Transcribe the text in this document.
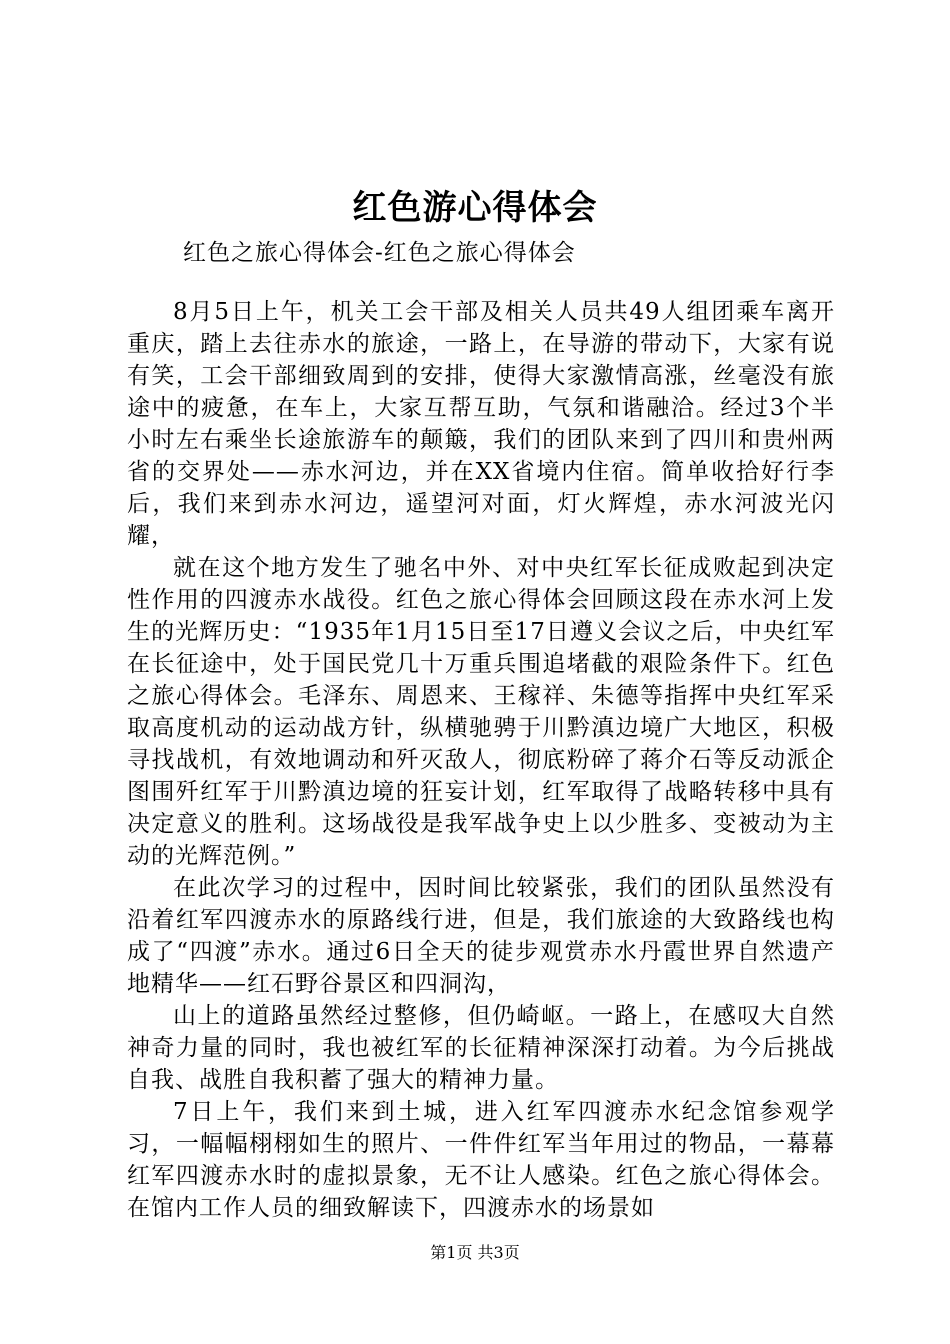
红色游心得体会
红色之旅心得体会-红色之旅心得体会

8月5日上午，机关工会干部及相关人员共49人组团乘车离开重庆，踏上去往赤水的旅途，一路上，在导游的带动下，大家有说有笑，工会干部细致周到的安排，使得大家激情高涨，丝毫没有旅途中的疲惫，在车上，大家互帮互助，气氛和谐融洽。经过3个半小时左右乘坐长途旅游车的颠簸，我们的团队来到了四川和贵州两省的交界处——赤水河边，并在XX省境内住宿。简单收拾好行李后，我们来到赤水河边，遥望河对面，灯火辉煌，赤水河波光闪耀，

就在这个地方发生了驰名中外、对中央红军长征成败起到决定性作用的四渡赤水战役。红色之旅心得体会回顾这段在赤水河上发生的光辉历史：“1935年1月15日至17日遵义会议之后，中央红军在长征途中，处于国民党几十万重兵围追堵截的艰险条件下。红色之旅心得体会。毛泽东、周恩来、王稼祥、朱德等指挥中央红军采取高度机动的运动战方针，纵横驰骋于川黔滇边境广大地区，积极寻找战机，有效地调动和歼灭敌人，彻底粉碎了蒋介石等反动派企图围歼红军于川黔滇边境的狂妄计划，红军取得了战略转移中具有决定意义的胜利。这场战役是我军战争史上以少胜多、变被动为主动的光辉范例。”

在此次学习的过程中，因时间比较紧张，我们的团队虽然没有沿着红军四渡赤水的原路线行进，但是，我们旅途的大致路线也构成了“四渡”赤水。通过6日全天的徒步观赏赤水丹霞世界自然遗产地精华——红石野谷景区和四洞沟，

山上的道路虽然经过整修，但仍崎岖。一路上，在感叹大自然神奇力量的同时，我也被红军的长征精神深深打动着。为今后挑战自我、战胜自我积蓄了强大的精神力量。

7日上午，我们来到土城，进入红军四渡赤水纪念馆参观学习，一幅幅栩栩如生的照片、一件件红军当年用过的物品，一幕幕红军四渡赤水时的虚拟景象，无不让人感染。红色之旅心得体会。在馆内工作人员的细致解读下，四渡赤水的场景如

第1页 共3页
